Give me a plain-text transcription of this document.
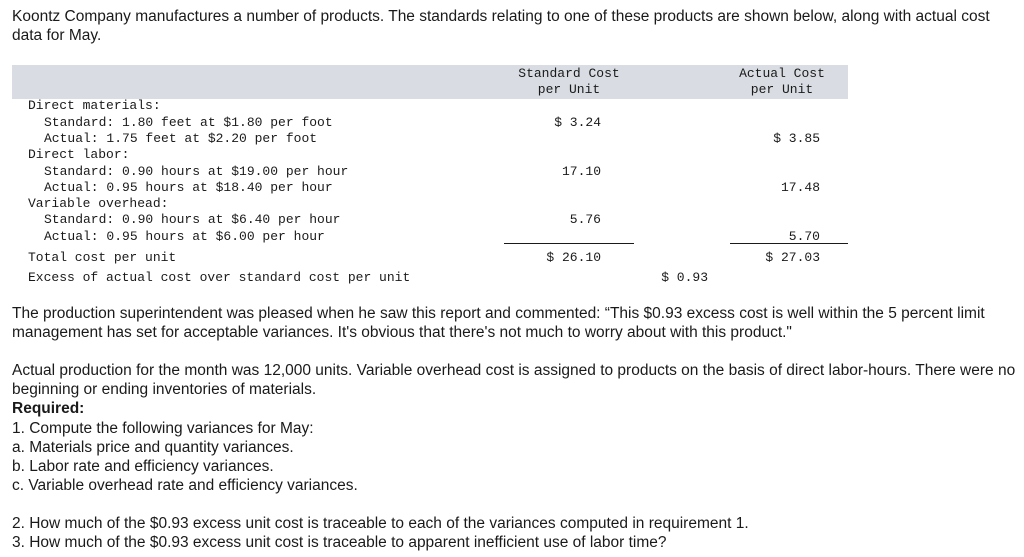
Koontz Company manufactures a number of products. The standards relating to one of these products are shown below, along with actual cost data for May.

Standard Cost
per Unit
Actual Cost
per Unit
Direct materials:
Standard: 1.80 feet at $1.80 per foot
Actual: 1.75 feet at $2.20 per foot
Direct labor:
Standard: 0.90 hours at $19.00 per hour
Actual: 0.95 hours at $18.40 per hour
Variable overhead:
Standard: 0.90 hours at $6.40 per hour
Actual: 0.95 hours at $6.00 per hour
Total cost per unit
Excess of actual cost over standard cost per unit
$ 3.24
17.10
5.76
$ 26.10
$ 3.85
17.48
5.70
$ 27.03
$ 0.93

The production superintendent was pleased when he saw this report and commented: “This $0.93 excess cost is well within the 5 percent limit management has set for acceptable variances. It's obvious that there's not much to worry about with this product."

Actual production for the month was 12,000 units. Variable overhead cost is assigned to products on the basis of direct labor-hours. There were no beginning or ending inventories of materials.

Required:
1. Compute the following variances for May:
a. Materials price and quantity variances.
b. Labor rate and efficiency variances.
c. Variable overhead rate and efficiency variances.
2. How much of the $0.93 excess unit cost is traceable to each of the variances computed in requirement 1.
3. How much of the $0.93 excess unit cost is traceable to apparent inefficient use of labor time?
